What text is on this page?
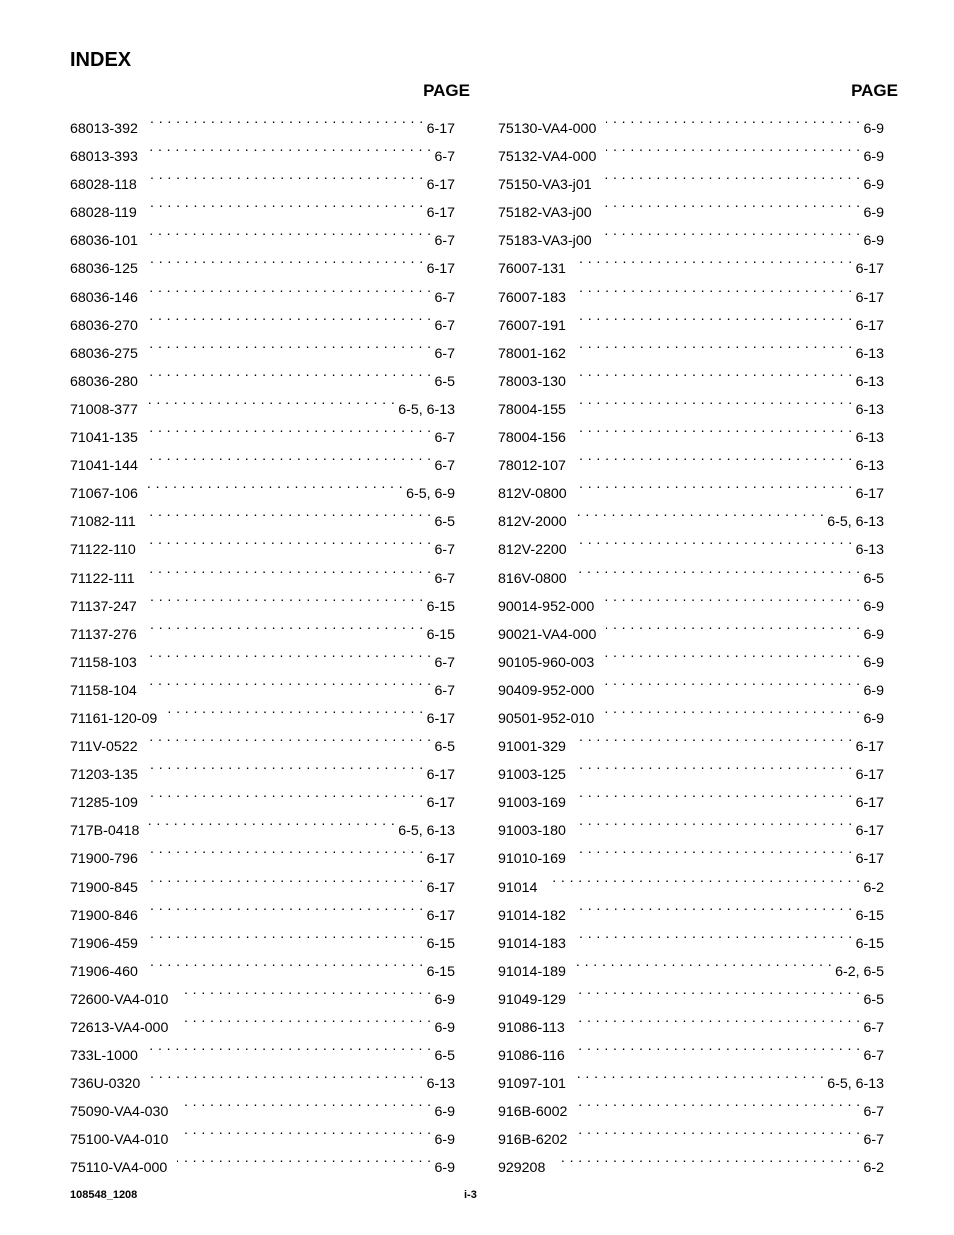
INDEX
PAGE
68013-392 . . .	6-17
68013-393 . . .	6-7
68028-118 . . .	6-17
68028-119 . . .	6-17
68036-101 . . .	6-7
68036-125 . . .	6-17
68036-146 . . .	6-7
68036-270 . . .	6-7
68036-275 . . .	6-7
68036-280 . . .	6-5
71008-377 . . .	6-5, 6-13
71041-135 . . .	6-7
71041-144 . . .	6-7
71067-106 . . .	6-5, 6-9
71082-111 . . .	6-5
71122-110 . . .	6-7
71122-111 . . .	6-7
71137-247 . . .	6-15
71137-276 . . .	6-15
71158-103 . . .	6-7
71158-104 . . .	6-7
71161-120-09 . . .	6-17
711V-0522 . . .	6-5
71203-135 . . .	6-17
71285-109 . . .	6-17
717B-0418 . . .	6-5, 6-13
71900-796 . . .	6-17
71900-845 . . .	6-17
71900-846 . . .	6-17
71906-459 . . .	6-15
71906-460 . . .	6-15
72600-VA4-010 . . .	6-9
72613-VA4-000 . . .	6-9
733L-1000 . . .	6-5
736U-0320 . . .	6-13
75090-VA4-030 . . .	6-9
75100-VA4-010 . . .	6-9
75110-VA4-000 . . .	6-9
PAGE
75130-VA4-000 . . .	6-9
75132-VA4-000 . . .	6-9
75150-VA3-j01 . . .	6-9
75182-VA3-j00 . . .	6-9
75183-VA3-j00 . . .	6-9
76007-131 . . .	6-17
76007-183 . . .	6-17
76007-191 . . .	6-17
78001-162 . . .	6-13
78003-130 . . .	6-13
78004-155 . . .	6-13
78004-156 . . .	6-13
78012-107 . . .	6-13
812V-0800 . . .	6-17
812V-2000 . . .	6-5, 6-13
812V-2200 . . .	6-13
816V-0800 . . .	6-5
90014-952-000 . . .	6-9
90021-VA4-000 . . .	6-9
90105-960-003 . . .	6-9
90409-952-000 . . .	6-9
90501-952-010 . . .	6-9
91001-329 . . .	6-17
91003-125 . . .	6-17
91003-169 . . .	6-17
91003-180 . . .	6-17
91010-169 . . .	6-17
91014 . . .	6-2
91014-182 . . .	6-15
91014-183 . . .	6-15
91014-189 . . .	6-2, 6-5
91049-129 . . .	6-5
91086-113 . . .	6-7
91086-116 . . .	6-7
91097-101 . . .	6-5, 6-13
916B-6002 . . .	6-7
916B-6202 . . .	6-7
929208 . . .	6-2
108548_1208	i-3
